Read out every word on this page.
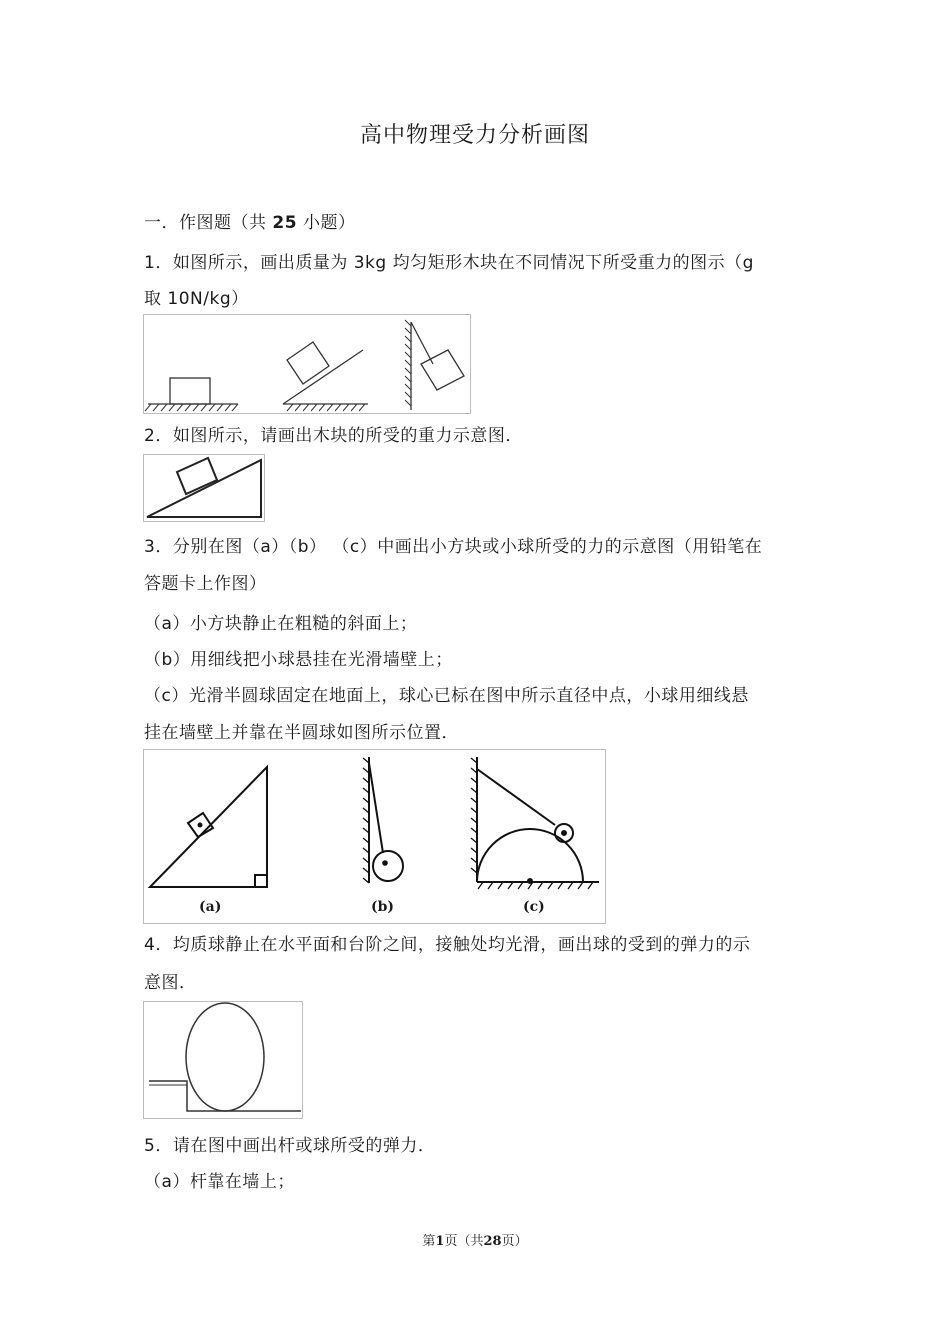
高中物理受力分析画图
一．作图题（共 25 小题）
1．如图所示，画出质量为 3kg 均匀矩形木块在不同情况下所受重力的图示（g
取 10N/kg）
2．如图所示，请画出木块的所受的重力示意图．
3．分别在图（a）（b） （c）中画出小方块或小球所受的力的示意图（用铅笔在
答题卡上作图）
（a）小方块静止在粗糙的斜面上；
（b）用细线把小球悬挂在光滑墙壁上；
（c）光滑半圆球固定在地面上，球心已标在图中所示直径中点，小球用细线悬
挂在墙壁上并靠在半圆球如图所示位置．
(a)	(b)	(c)
4．均质球静止在水平面和台阶之间，接触处均光滑，画出球的受到的弹力的示
意图．
5．请在图中画出杆或球所受的弹力．
（a）杆靠在墙上；
第1页（共28页）
